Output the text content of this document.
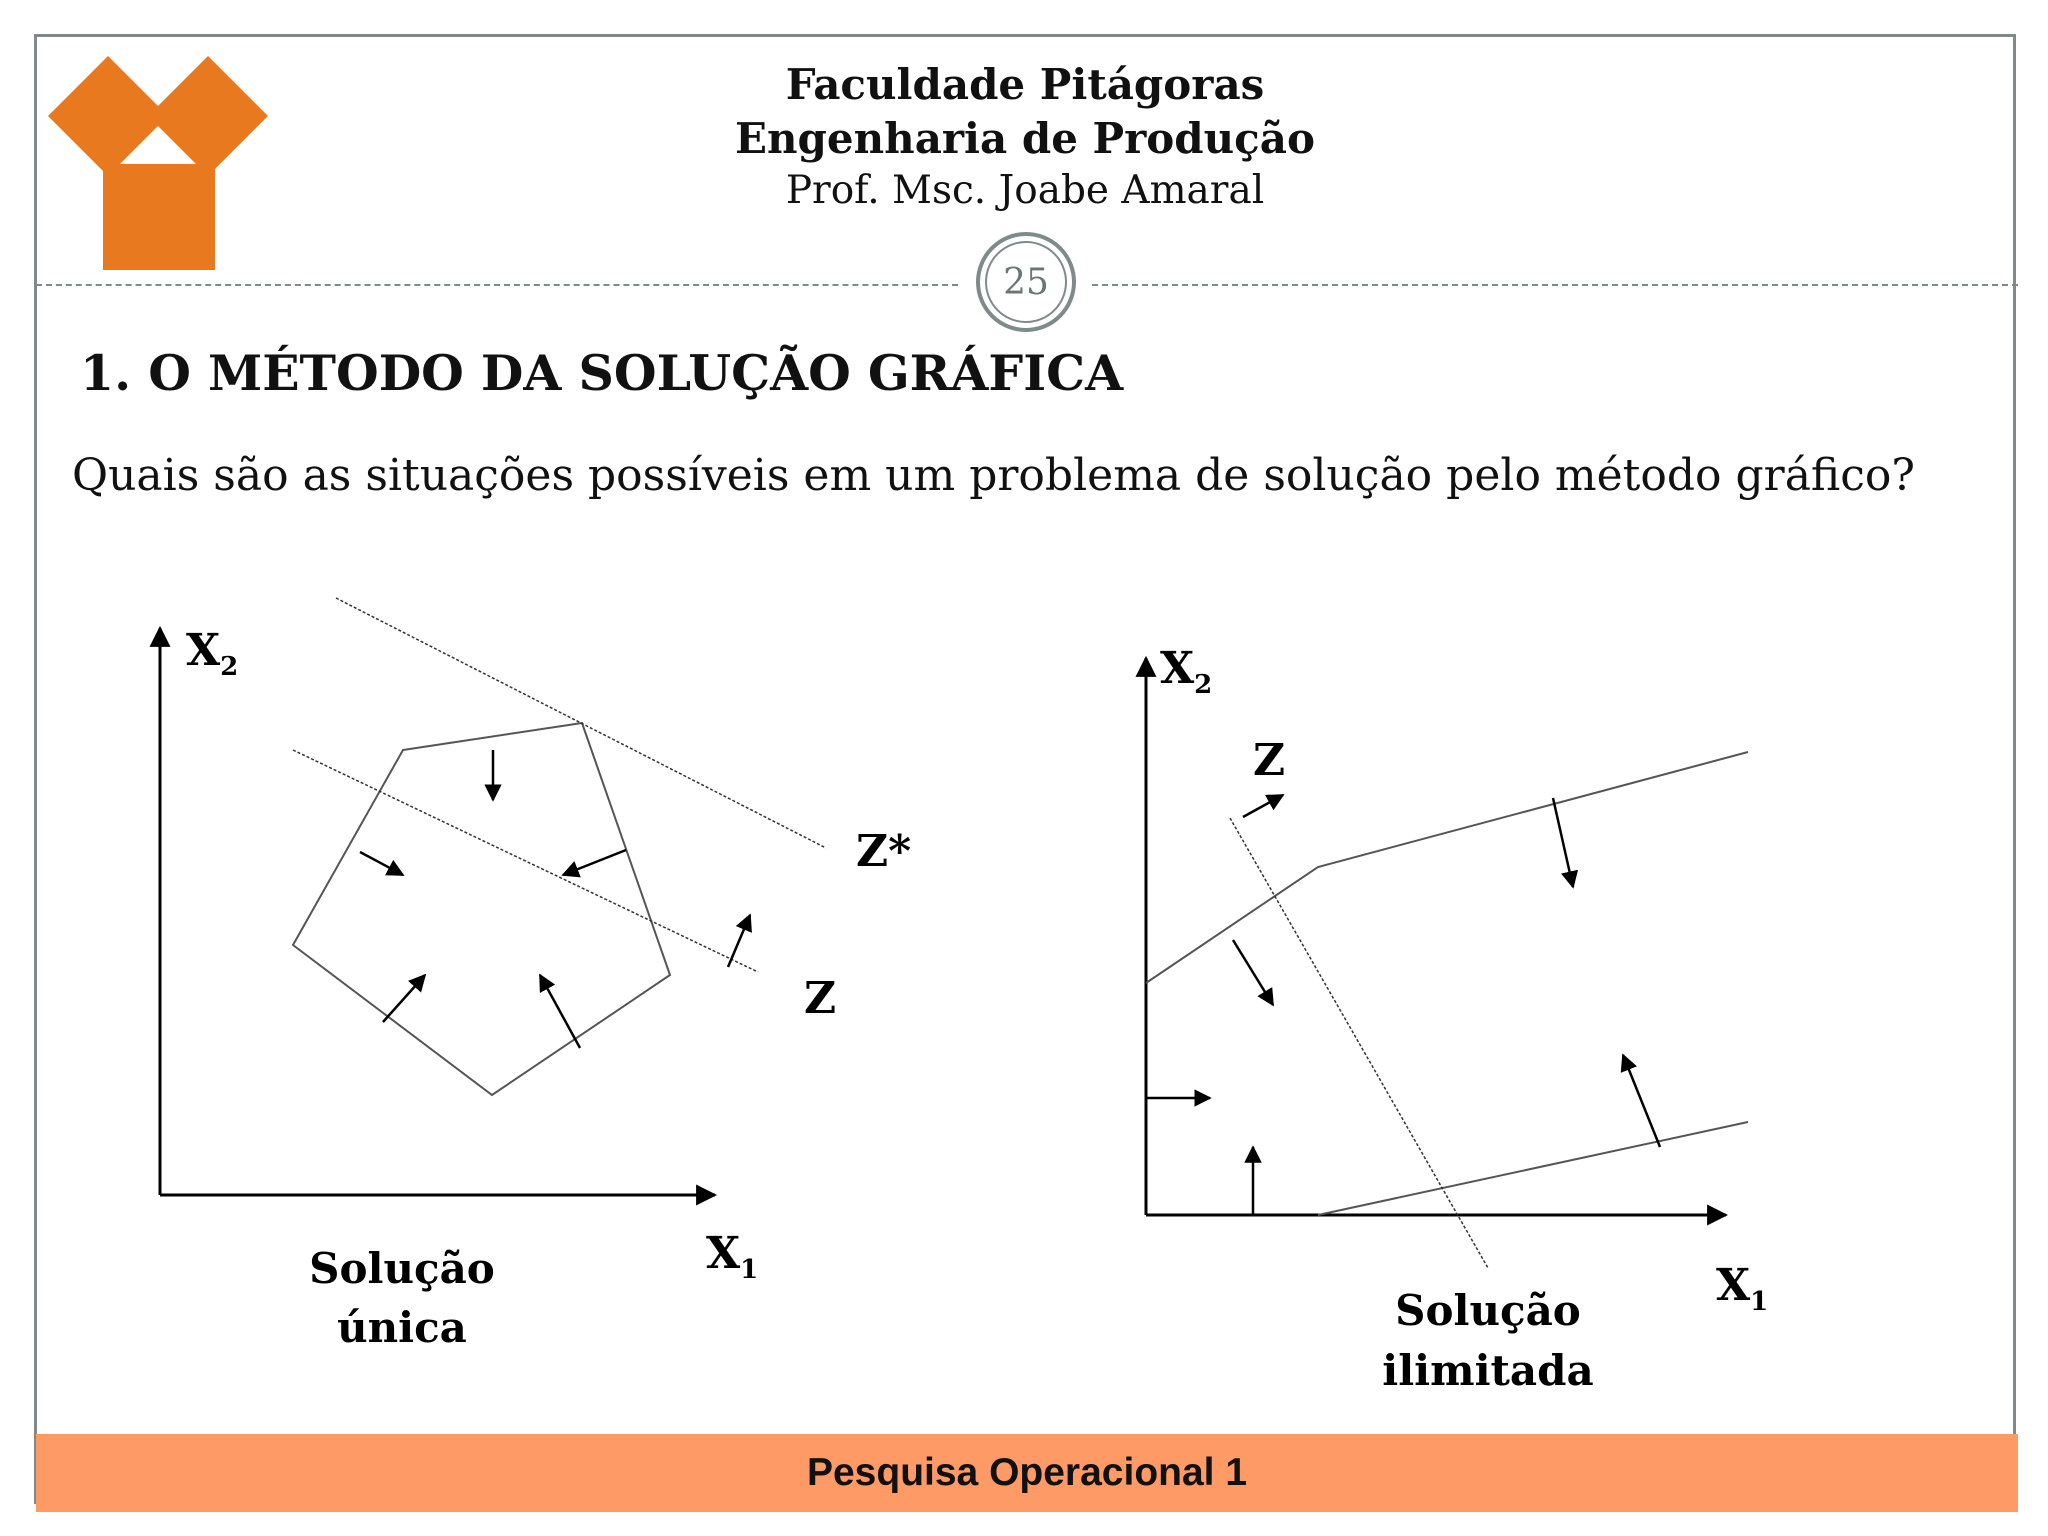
Faculdade Pitágoras
Engenharia de Produção
Prof. Msc. Joabe Amaral
25
1. O MÉTODO DA SOLUÇÃO GRÁFICA
Quais são as situações possíveis em um problema de solução pelo método gráfico?
$X_2$
$X_1$
Z*
Z
Solução
única
$X_2$
$X_1$
Z
Solução
ilimitada
Pesquisa Operacional 1
